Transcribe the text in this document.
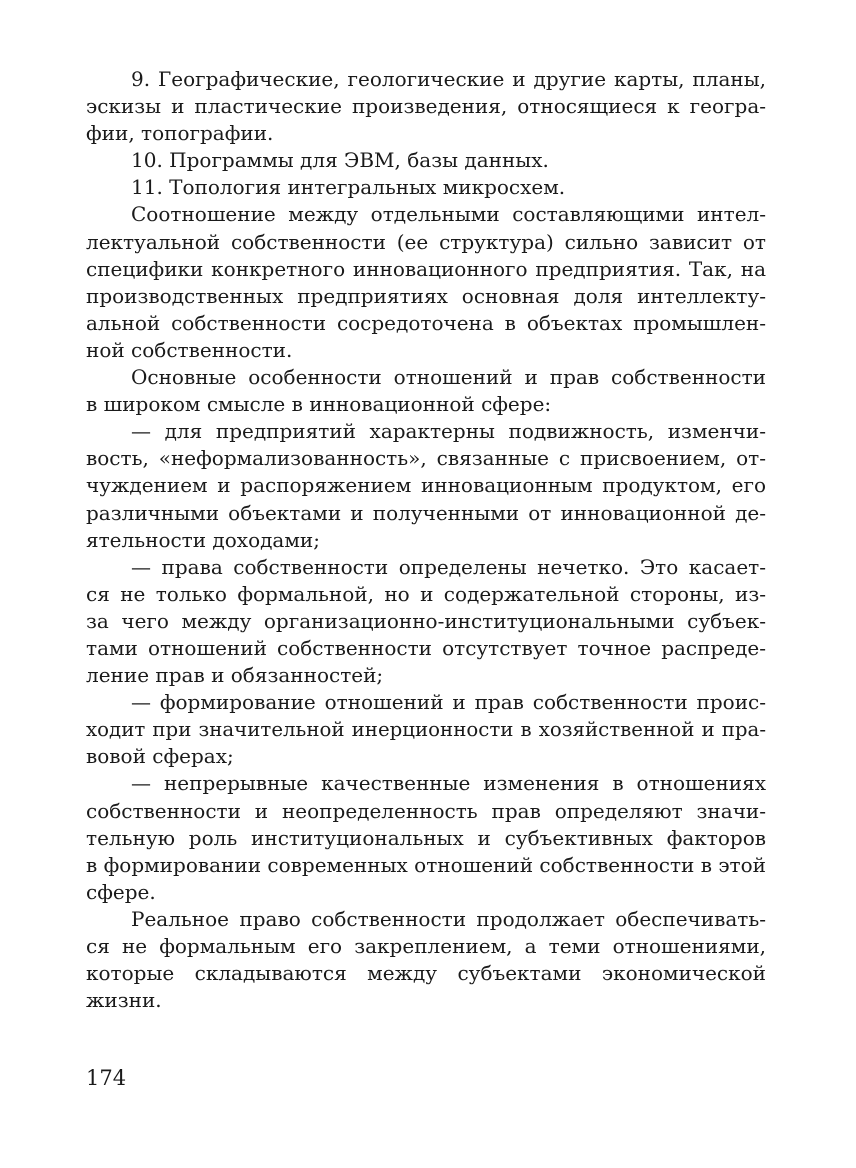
9. Географические, геологические и другие карты, планы,
эскизы и пластические произведения, относящиеся к геогра-
фии, топографии.
10. Программы для ЭВМ, базы данных.
11. Топология интегральных микросхем.
Соотношение между отдельными составляющими интел-
лектуальной собственности (ее структура) сильно зависит от
специфики конкретного инновационного предприятия. Так, на
производственных предприятиях основная доля интеллекту-
альной собственности сосредоточена в объектах промышлен-
ной собственности.
Основные особенности отношений и прав собственности
в широком смысле в инновационной сфере:
— для предприятий характерны подвижность, изменчи-
вость, «неформализованность», связанные с присвоением, от-
чуждением и распоряжением инновационным продуктом, его
различными объектами и полученными от инновационной де-
ятельности доходами;
— права собственности определены нечетко. Это касает-
ся не только формальной, но и содержательной стороны, из-
за чего между организационно-институциональными субъек-
тами отношений собственности отсутствует точное распреде-
ление прав и обязанностей;
— формирование отношений и прав собственности проис-
ходит при значительной инерционности в хозяйственной и пра-
вовой сферах;
— непрерывные качественные изменения в отношениях
собственности и неопределенность прав определяют значи-
тельную роль институциональных и субъективных факторов
в формировании современных отношений собственности в этой
сфере.
Реальное право собственности продолжает обеспечивать-
ся не формальным его закреплением, а теми отношениями,
которые складываются между субъектами экономической
жизни.
174
